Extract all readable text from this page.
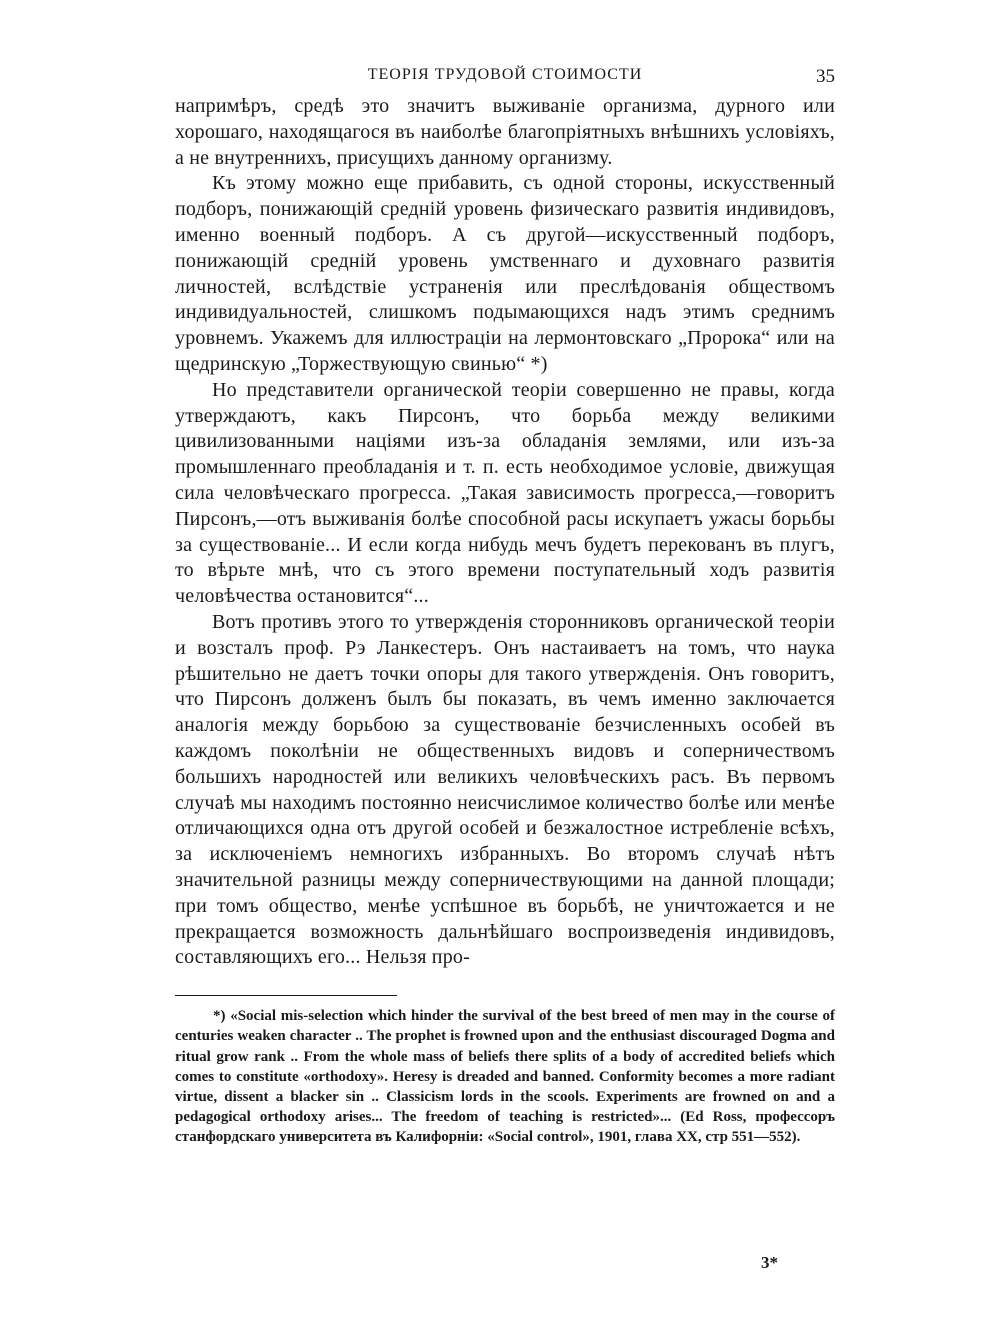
ТЕОРІЯ ТРУДОВОЙ СТОИМОСТИ	35

напримѣръ, средѣ это значитъ выживаніе организма, дурного или хорошаго, находящагося въ наиболѣе благопріятныхъ внѣшнихъ условіяхъ, а не внутреннихъ, присущихъ данному организму.

Къ этому можно еще прибавить, съ одной стороны, искусственный подборъ, понижающій средній уровень физическаго развитія индивидовъ, именно военный подборъ. А съ другой—искусственный подборъ, понижающій средній уровень умственнаго и духовнаго развитія личностей, вслѣдствіе устраненія или преслѣдованія обществомъ индивидуальностей, слишкомъ подымающихся надъ этимъ среднимъ уровнемъ. Укажемъ для иллюстраціи на лермонтовскаго „Пророка“ или на щедринскую „Торжествующую свинью“ *)

Но представители органической теоріи совершенно не правы, когда утверждаютъ, какъ Пирсонъ, что борьба между великими цивилизованными націями изъ-за обладанія землями, или изъ-за промышленнаго преобладанія и т. п. есть необходимое условіе, движущая сила человѣческаго прогресса. „Такая зависимость прогресса,—говоритъ Пирсонъ,—отъ выживанія болѣе способной расы искупаетъ ужасы борьбы за существованіе... И если когда нибудь мечъ будетъ перекованъ въ плугъ, то вѣрьте мнѣ, что съ этого времени поступательный ходъ развитія человѣчества остановится“...

Вотъ противъ этого то утвержденія сторонниковъ органической теоріи и возсталъ проф. Рэ Ланкестеръ. Онъ настаиваетъ на томъ, что наука рѣшительно не даетъ точки опоры для такого утвержденія. Онъ говоритъ, что Пирсонъ долженъ былъ бы показать, въ чемъ именно заключается аналогія между борьбою за существованіе безчисленныхъ особей въ каждомъ поколѣніи не общественныхъ видовъ и соперничествомъ большихъ народностей или великихъ человѣческихъ расъ. Въ первомъ случаѣ мы находимъ постоянно неисчислимое количество болѣе или менѣе отличающихся одна отъ другой особей и безжалостное истребленіе всѣхъ, за исключеніемъ немногихъ избранныхъ. Во второмъ случаѣ нѣтъ значительной разницы между соперничествующими на данной площади; при томъ общество, менѣе успѣшное въ борьбѣ, не уничтожается и не прекращается возможность дальнѣйшаго воспроизведенія индивидовъ, составляющихъ его... Нельзя про-

*) «Social mis-selection which hinder the survival of the best breed of men may in the course of centuries weaken character .. The prophet is frowned upon and the enthusiast discouraged Dogma and ritual grow rank .. From the whole mass of beliefs there splits of a body of accredited beliefs which comes to constitute «orthodoxy». Heresy is dreaded and banned. Conformity becomes a more radiant virtue, dissent a blacker sin .. Classicism lords in the scools. Experiments are frowned on and a pedagogical orthodoxy arises... The freedom of teaching is restricted»... (Ed Ross, профессоръ станфордскаго университета въ Калифорніи: «Social control», 1901, глава XX, стр 551—552).

3*
